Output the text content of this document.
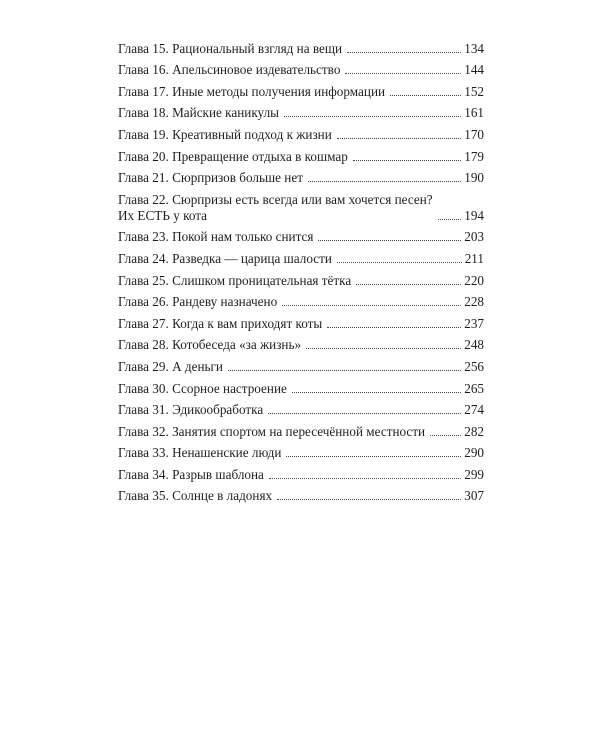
Глава 15. Рациональный взгляд на вещи	134
Глава 16. Апельсиновое издевательство	144
Глава 17. Иные методы получения информации	152
Глава 18. Майские каникулы	161
Глава 19. Креативный подход к жизни	170
Глава 20. Превращение отдыха в кошмар	179
Глава 21. Сюрпризов больше нет	190
Глава 22. Сюрпризы есть всегда или вам хочется песен?
Их ЕСТЬ у кота	194
Глава 23. Покой нам только снится	203
Глава 24. Разведка — царица шалости	211
Глава 25. Слишком проницательная тётка	220
Глава 26. Рандеву назначено	228
Глава 27. Когда к вам приходят коты	237
Глава 28. Котобеседа «за жизнь»	248
Глава 29. А деньги	256
Глава 30. Ссорное настроение	265
Глава 31. Эдикообработка	274
Глава 32. Занятия спортом на пересечённой местности	282
Глава 33. Ненашенские люди	290
Глава 34. Разрыв шаблона	299
Глава 35. Солнце в ладонях	307
